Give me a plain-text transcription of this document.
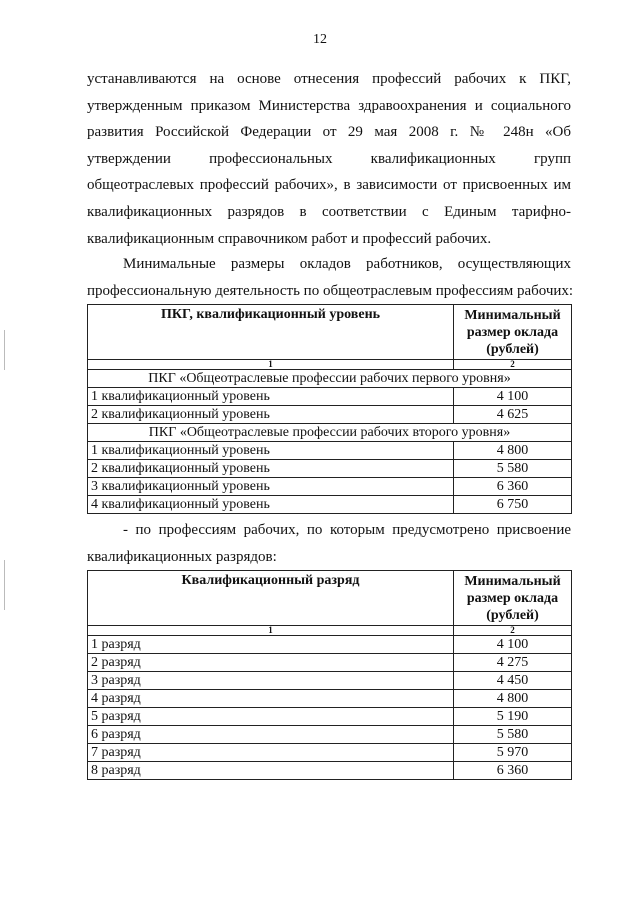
12
устанавливаются на основе отнесения профессий рабочих к ПКГ,
утвержденным приказом Министерства здравоохранения и социального
развития Российской Федерации от 29 мая 2008 г. № 248н «Об
утверждении профессиональных квалификационных групп
общеотраслевых профессий рабочих», в зависимости от присвоенных им
квалификационных разрядов в соответствии с Единым тарифно-
квалификационным справочником работ и профессий рабочих.
Минимальные размеры окладов работников, осуществляющих
профессиональную деятельность по общеотраслевым профессиям рабочих:
ПКГ, квалификационный уровень	Минимальный
размер оклада
(рублей)

1	2
ПКГ «Общеотраслевые профессии рабочих первого уровня»	
1 квалификационный уровень	4 100
2 квалификационный уровень	4 625
ПКГ «Общеотраслевые профессии рабочих второго уровня»	
1 квалификационный уровень	4 800
2 квалификационный уровень	5 580
3 квалификационный уровень	6 360
4 квалификационный уровень	6 750
- по профессиям рабочих, по которым предусмотрено присвоение
квалификационных разрядов:
Квалификационный разряд	Минимальный
размер оклада
(рублей)

1	2
1 разряд	4 100
2 разряд	4 275
3 разряд	4 450
4 разряд	4 800
5 разряд	5 190
6 разряд	5 580
7 разряд	5 970
8 разряд	6 360
